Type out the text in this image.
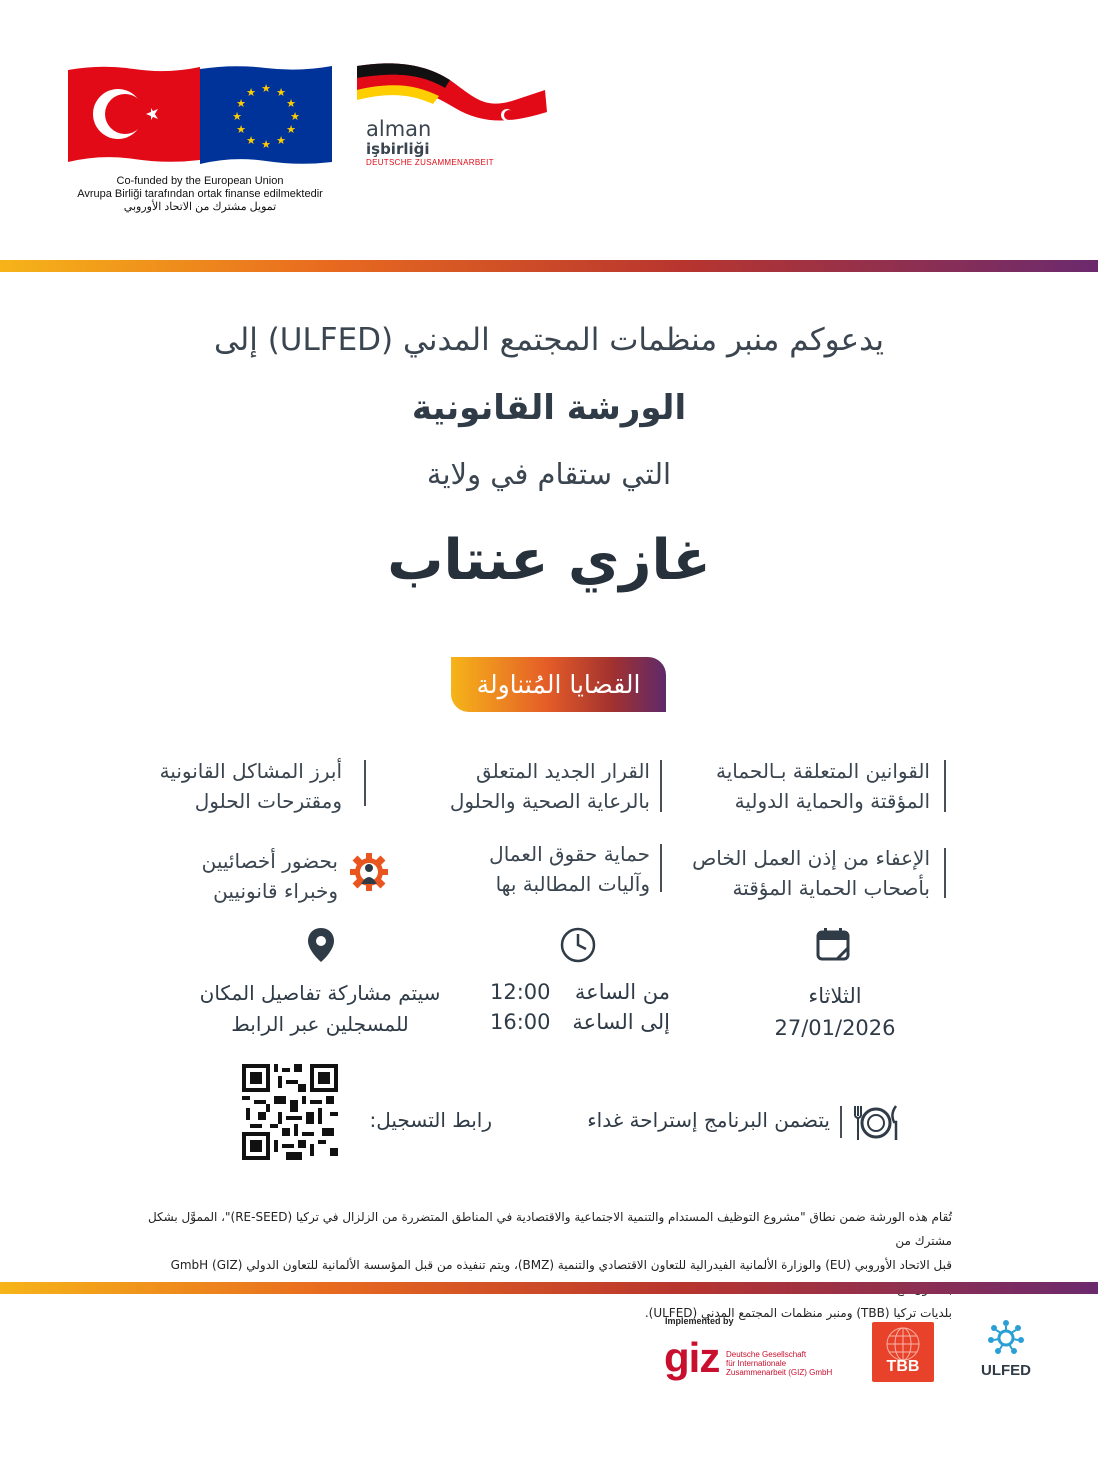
★ ★
★
★
★
★
★
★
★
★
★
★
Co-funded by the European Union
Avrupa Birliği tarafından ortak finanse edilmektedir
تمويل مشترك من الاتحاد الأوروبي
alman
işbirliği
DEUTSCHE ZUSAMMENARBEIT
يدعوكم منبر منظمات المجتمع المدني (ULFED) إلى
الورشة القانونية
التي ستقام في ولاية
غازي عنتاب
القضايا المُتناولة
القوانين المتعلقة بـالحماية
المؤقتة والحماية الدولية
القرار الجديد المتعلق
بالرعاية الصحية والحلول
أبرز المشاكل القانونية
ومقترحات الحلول
الإعفاء من إذن العمل الخاص
بأصحاب الحماية المؤقتة
حماية حقوق العمال
وآليات المطالبة بها
بحضور أخصائيين
وخبراء قانونيين
الثلاثاء
27/01/2026
12:00 من الساعة
16:00 إلى الساعة
سيتم مشاركة تفاصيل المكان
للمسجلين عبر الرابط
يتضمن البرنامج إستراحة غداء
رابط التسجيل:
تُقام هذه الورشة ضمن نطاق "مشروع التوظيف المستدام والتنمية الاجتماعية والاقتصادية في المناطق المتضررة من الزلزال في تركيا (RE-SEED)"، المموَّل بشكل مشترك من
قبل الاتحاد الأوروبي (EU) والوزارة الألمانية الفيدرالية للتعاون الاقتصادي والتنمية (BMZ)، ويتم تنفيذه من قبل المؤسسة الألمانية للتعاون الدولي GmbH (GIZ)
بلديات تركيا (TBB) ومنبر منظمات المجتمع المدني (ULFED).
Implemented by
giz Deutsche Gesellschaft
für Internationale
Zusammenarbeit (GIZ) GmbH	TBB	ULFED
